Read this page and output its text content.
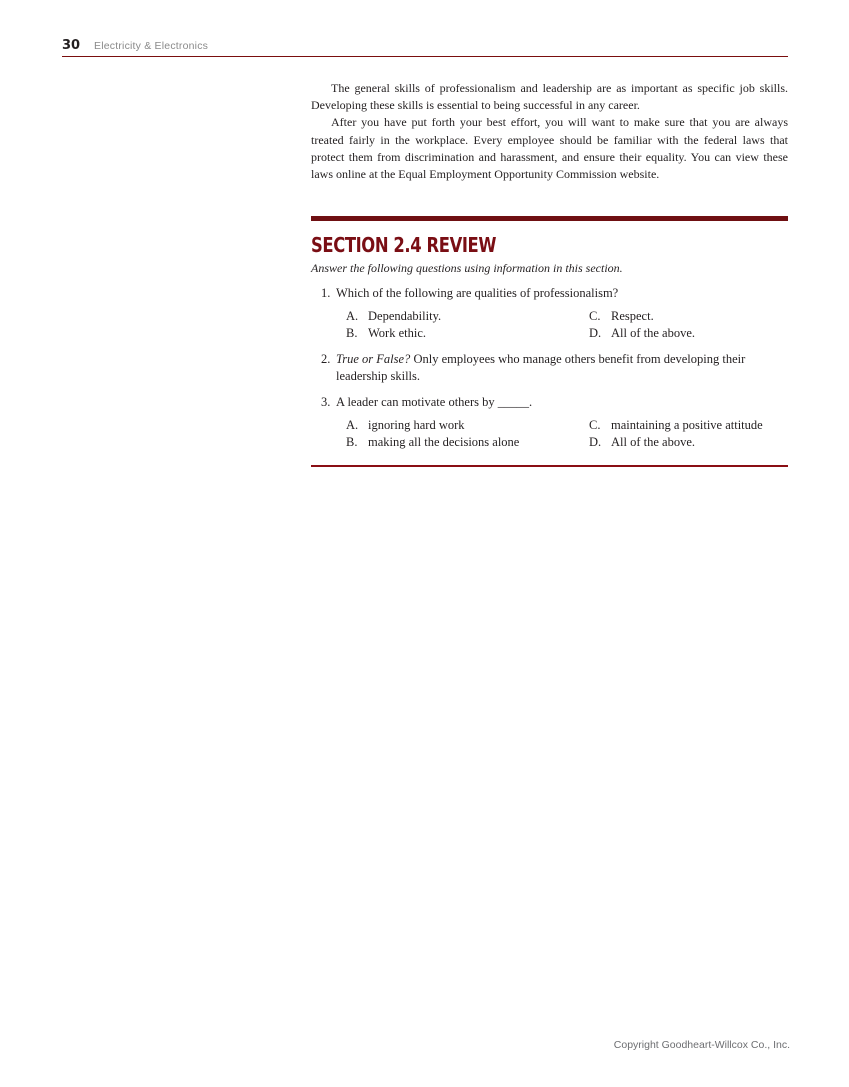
30 Electricity & Electronics

The general skills of professionalism and leadership are as important as specific job skills. Developing these skills is essential to being successful in any career.

After you have put forth your best effort, you will want to make sure that you are always treated fairly in the workplace. Every employee should be familiar with the federal laws that protect them from discrimination and harassment, and ensure their equality. You can view these laws online at the Equal Employment Opportunity Commission website.

SECTION 2.4 REVIEW
Answer the following questions using information in this section.
1. Which of the following are qualities of professionalism?
A. Dependability.	C. Respect.
B. Work ethic.	D. All of the above.
2. True or False? Only employees who manage others benefit from developing their leadership skills.
3. A leader can motivate others by _____.
A. ignoring hard work	C. maintaining a positive attitude
B. making all the decisions alone	D. All of the above.
Copyright Goodheart-Willcox Co., Inc.
